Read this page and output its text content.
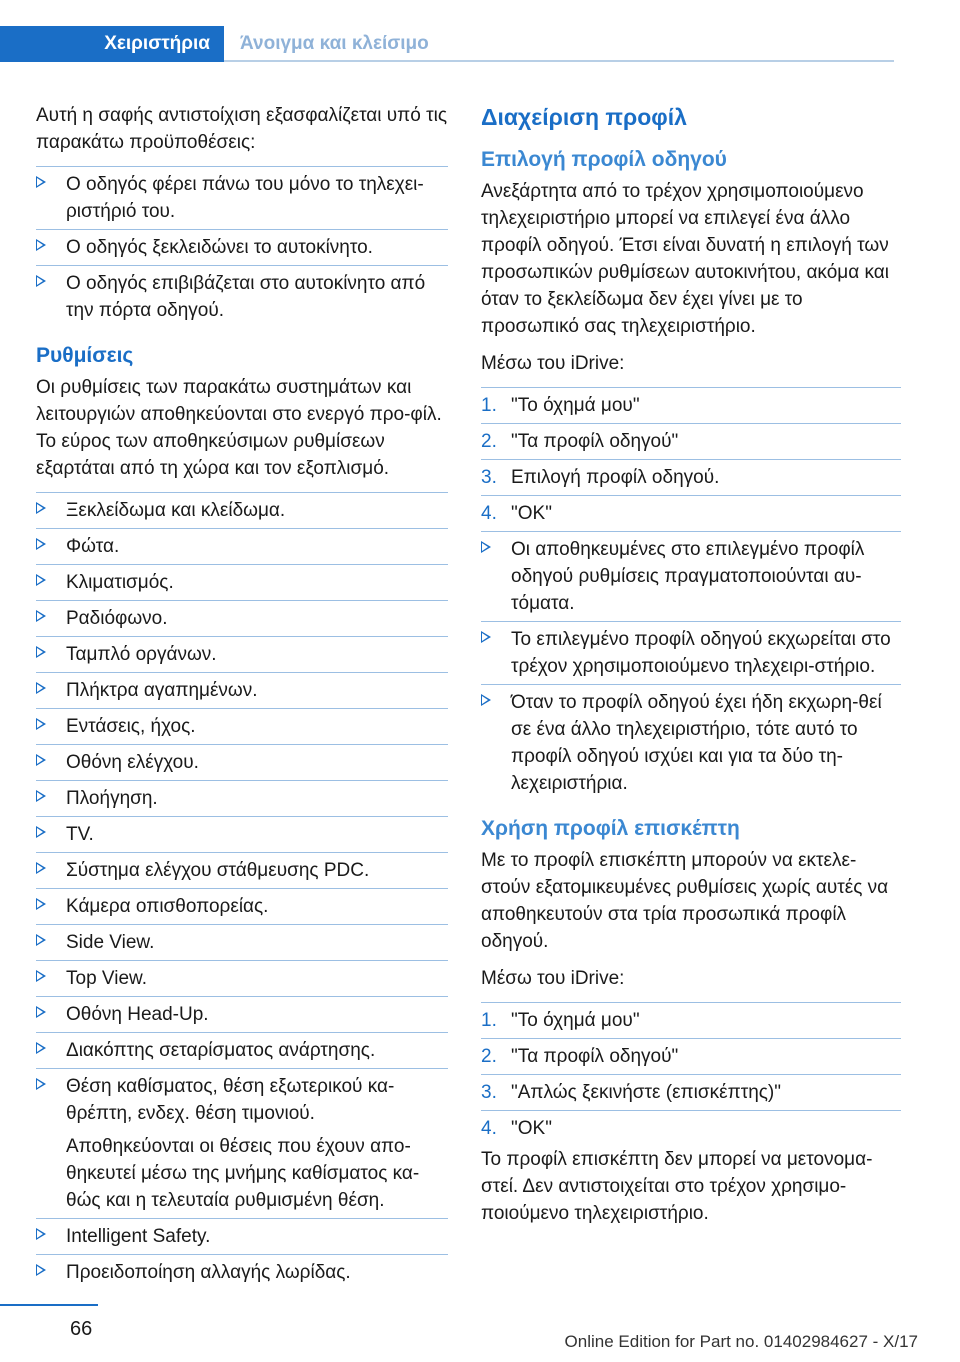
Χειριστήρια	Άνοιγμα και κλείσιμο

Αυτή η σαφής αντιστοίχιση εξασφαλίζεται υπό τις παρακάτω προϋποθέσεις:

Ο οδηγός φέρει πάνω του μόνο το τηλεχει-ριστήριό του.
Ο οδηγός ξεκλειδώνει το αυτοκίνητο.
Ο οδηγός επιβιβάζεται στο αυτοκίνητο από την πόρτα οδηγού.
Ρυθμίσεις

Οι ρυθμίσεις των παρακάτω συστημάτων και λειτουργιών αποθηκεύονται στο ενεργό προ-φίλ. Το εύρος των αποθηκεύσιμων ρυθμίσεων εξαρτάται από τη χώρα και τον εξοπλισμό.

Ξεκλείδωμα και κλείδωμα.
Φώτα.
Κλιματισμός.
Ραδιόφωνο.
Ταμπλό οργάνων.
Πλήκτρα αγαπημένων.
Εντάσεις, ήχος.
Οθόνη ελέγχου.
Πλοήγηση.
TV.
Σύστημα ελέγχου στάθμευσης PDC.
Κάμερα οπισθοπορείας.
Side View.
Top View.
Οθόνη Head-Up.
Διακόπτης σεταρίσματος ανάρτησης.
Θέση καθίσματος, θέση εξωτερικού κα-θρέπτη, ενδεχ. θέση τιμονιού.
Αποθηκεύονται οι θέσεις που έχουν απο-θηκευτεί μέσω της μνήμης καθίσματος κα-θώς και η τελευταία ρυθμισμένη θέση.
Intelligent Safety.
Προειδοποίηση αλλαγής λωρίδας.
Διαχείριση προφίλ
Επιλογή προφίλ οδηγού

Ανεξάρτητα από το τρέχον χρησιμοποιούμενο τηλεχειριστήριο μπορεί να επιλεγεί ένα άλλο προφίλ οδηγού. Έτσι είναι δυνατή η επιλογή των προσωπικών ρυθμίσεων αυτοκινήτου, ακόμα και όταν το ξεκλείδωμα δεν έχει γίνει με το προσωπικό σας τηλεχειριστήριο.

Μέσω του iDrive:

1. "Το όχημά μου"
2. "Τα προφίλ οδηγού"
3. Επιλογή προφίλ οδηγού.
4. "OK"
Οι αποθηκευμένες στο επιλεγμένο προφίλ οδηγού ρυθμίσεις πραγματοποιούνται αυ-τόματα.
Το επιλεγμένο προφίλ οδηγού εκχωρείται στο τρέχον χρησιμοποιούμενο τηλεχειρι-στήριο.
Όταν το προφίλ οδηγού έχει ήδη εκχωρη-θεί σε ένα άλλο τηλεχειριστήριο, τότε αυτό το προφίλ οδηγού ισχύει και για τα δύο τη-λεχειριστήρια.
Χρήση προφίλ επισκέπτη

Με το προφίλ επισκέπτη μπορούν να εκτελε-στούν εξατομικευμένες ρυθμίσεις χωρίς αυτές να αποθηκευτούν στα τρία προσωπικά προφίλ οδηγού.

Μέσω του iDrive:

1. "Το όχημά μου"
2. "Τα προφίλ οδηγού"
3. "Απλώς ξεκινήστε (επισκέπτης)"
4. "OK"

Το προφίλ επισκέπτη δεν μπορεί να μετονομα-στεί. Δεν αντιστοιχείται στο τρέχον χρησιμο-ποιούμενο τηλεχειριστήριο.

66
Online Edition for Part no. 01402984627 - X/17
